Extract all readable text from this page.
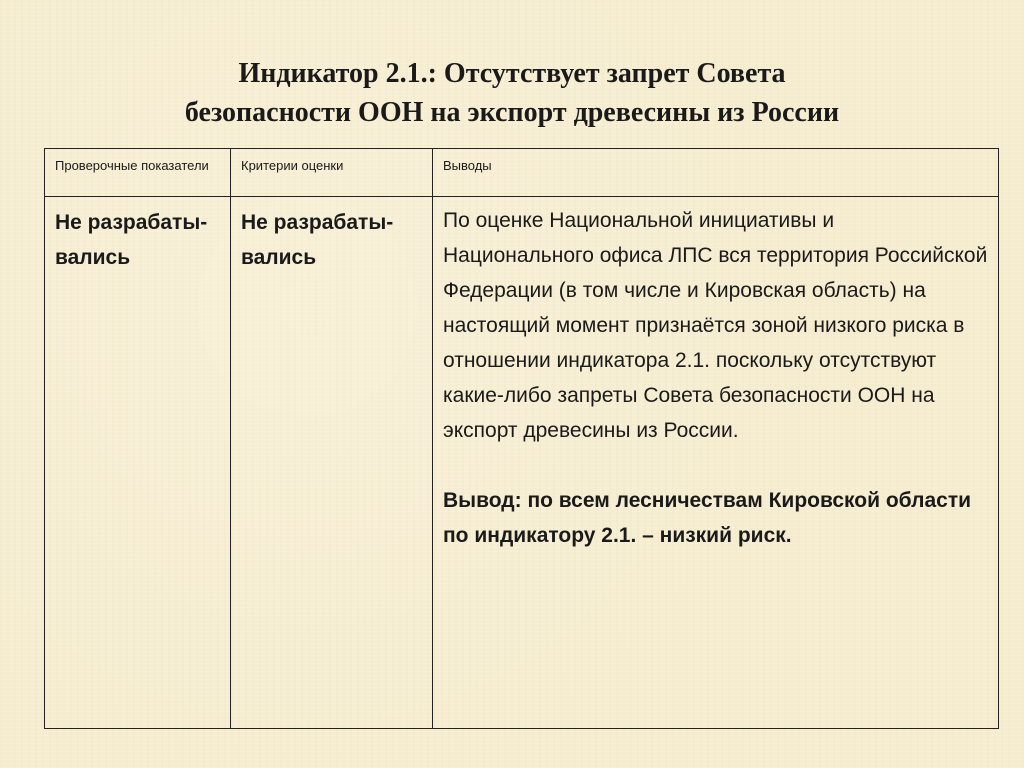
Индикатор 2.1.: Отсутствует запрет Совета
безопасности ООН на экспорт древесины из России
Проверочные показатели	Критерии оценки	Выводы

Не разрабаты-вались	Не разрабаты-вались	По оценке Национальной инициативы и Национального офиса ЛПС вся территория Российской Федерации (в том числе и Кировская область) на настоящий момент признаётся зоной низкого риска в отношении индикатора 2.1. поскольку отсутствуют какие-либо запреты Совета безопасности ООН на экспорт древесины из России.

Вывод: по всем лесничествам Кировской области по индикатору 2.1. – низкий риск.
